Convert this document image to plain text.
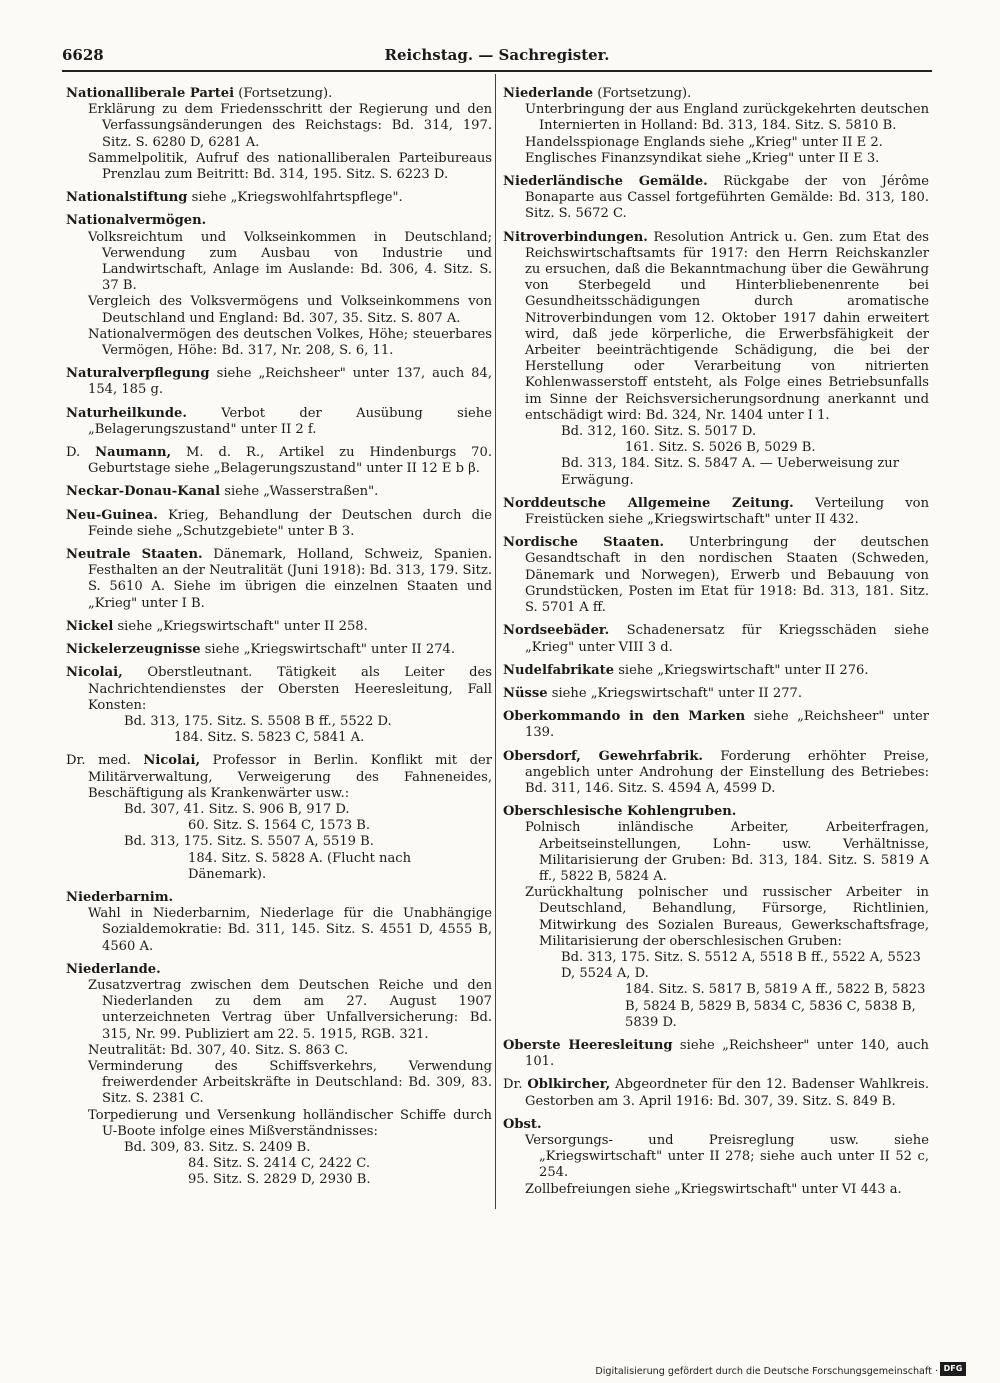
6628	Reichstag. — Sachregister.

Nationalliberale Partei (Fortsetzung).

Erklärung zu dem Friedensschritt der Regierung und den Verfassungsänderungen des Reichstags: Bd. 314, 197. Sitz. S. 6280 D, 6281 A.

Sammelpolitik, Aufruf des nationalliberalen Parteibureaus Prenzlau zum Beitritt: Bd. 314, 195. Sitz. S. 6223 D.

Nationalstiftung siehe „Kriegswohlfahrtspflege".

Nationalvermögen.

Volksreichtum und Volkseinkommen in Deutschland; Verwendung zum Ausbau von Industrie und Landwirtschaft, Anlage im Auslande: Bd. 306, 4. Sitz. S. 37 B.

Vergleich des Volksvermögens und Volkseinkommens von Deutschland und England: Bd. 307, 35. Sitz. S. 807 A.

Nationalvermögen des deutschen Volkes, Höhe; steuerbares Vermögen, Höhe: Bd. 317, Nr. 208, S. 6, 11.

Naturalverpflegung siehe „Reichsheer" unter 137, auch 84, 154, 185 g.

Naturheilkunde. Verbot der Ausübung siehe „Belagerungszustand" unter II 2 f.

D. Naumann, M. d. R., Artikel zu Hindenburgs 70. Geburtstage siehe „Belagerungszustand" unter II 12 E b β.

Neckar-Donau-Kanal siehe „Wasserstraßen".

Neu-Guinea. Krieg, Behandlung der Deutschen durch die Feinde siehe „Schutzgebiete" unter B 3.

Neutrale Staaten. Dänemark, Holland, Schweiz, Spanien. Festhalten an der Neutralität (Juni 1918): Bd. 313, 179. Sitz. S. 5610 A. Siehe im übrigen die einzelnen Staaten und „Krieg" unter I B.

Nickel siehe „Kriegswirtschaft" unter II 258.

Nickelerzeugnisse siehe „Kriegswirtschaft" unter II 274.

Nicolai, Oberstleutnant. Tätigkeit als Leiter des Nachrichtendienstes der Obersten Heeresleitung, Fall Konsten:

Bd. 313, 175. Sitz. S. 5508 B ff., 5522 D.

184. Sitz. S. 5823 C, 5841 A.

Dr. med. Nicolai, Professor in Berlin. Konflikt mit der Militärverwaltung, Verweigerung des Fahneneides, Beschäftigung als Krankenwärter usw.:

Bd. 307, 41. Sitz. S. 906 B, 917 D.

60. Sitz. S. 1564 C, 1573 B.

Bd. 313, 175. Sitz. S. 5507 A, 5519 B.

184. Sitz. S. 5828 A. (Flucht nach Dänemark).

Niederbarnim.

Wahl in Niederbarnim, Niederlage für die Unabhängige Sozialdemokratie: Bd. 311, 145. Sitz. S. 4551 D, 4555 B, 4560 A.

Niederlande.

Zusatzvertrag zwischen dem Deutschen Reiche und den Niederlanden zu dem am 27. August 1907 unterzeichneten Vertrag über Unfallversicherung: Bd. 315, Nr. 99. Publiziert am 22. 5. 1915, RGB. 321.

Neutralität: Bd. 307, 40. Sitz. S. 863 C.

Verminderung des Schiffsverkehrs, Verwendung freiwerdender Arbeitskräfte in Deutschland: Bd. 309, 83. Sitz. S. 2381 C.

Torpedierung und Versenkung holländischer Schiffe durch U-Boote infolge eines Mißverständnisses:

Bd. 309, 83. Sitz. S. 2409 B.

84. Sitz. S. 2414 C, 2422 C.

95. Sitz. S. 2829 D, 2930 B.

Niederlande (Fortsetzung).

Unterbringung der aus England zurückgekehrten deutschen Internierten in Holland: Bd. 313, 184. Sitz. S. 5810 B.

Handelsspionage Englands siehe „Krieg" unter II E 2.

Englisches Finanzsyndikat siehe „Krieg" unter II E 3.

Niederländische Gemälde. Rückgabe der von Jérôme Bonaparte aus Cassel fortgeführten Gemälde: Bd. 313, 180. Sitz. S. 5672 C.

Nitroverbindungen. Resolution Antrick u. Gen. zum Etat des Reichswirtschaftsamts für 1917: den Herrn Reichskanzler zu ersuchen, daß die Bekanntmachung über die Gewährung von Sterbegeld und Hinterbliebenenrente bei Gesundheitsschädigungen durch aromatische Nitroverbindungen vom 12. Oktober 1917 dahin erweitert wird, daß jede körperliche, die Erwerbsfähigkeit der Arbeiter beeinträchtigende Schädigung, die bei der Herstellung oder Verarbeitung von nitrierten Kohlenwasserstoff entsteht, als Folge eines Betriebsunfalls im Sinne der Reichsversicherungsordnung anerkannt und entschädigt wird: Bd. 324, Nr. 1404 unter I 1.

Bd. 312, 160. Sitz. S. 5017 D.

161. Sitz. S. 5026 B, 5029 B.

Bd. 313, 184. Sitz. S. 5847 A. — Ueberweisung zur Erwägung.

Norddeutsche Allgemeine Zeitung. Verteilung von Freistücken siehe „Kriegswirtschaft" unter II 432.

Nordische Staaten. Unterbringung der deutschen Gesandtschaft in den nordischen Staaten (Schweden, Dänemark und Norwegen), Erwerb und Bebauung von Grundstücken, Posten im Etat für 1918: Bd. 313, 181. Sitz. S. 5701 A ff.

Nordseebäder. Schadenersatz für Kriegsschäden siehe „Krieg" unter VIII 3 d.

Nudelfabrikate siehe „Kriegswirtschaft" unter II 276.

Nüsse siehe „Kriegswirtschaft" unter II 277.

Oberkommando in den Marken siehe „Reichsheer" unter 139.

Obersdorf, Gewehrfabrik. Forderung erhöhter Preise, angeblich unter Androhung der Einstellung des Betriebes: Bd. 311, 146. Sitz. S. 4594 A, 4599 D.

Oberschlesische Kohlengruben.

Polnisch inländische Arbeiter, Arbeiterfragen, Arbeitseinstellungen, Lohn- usw. Verhältnisse, Militarisierung der Gruben: Bd. 313, 184. Sitz. S. 5819 A ff., 5822 B, 5824 A.

Zurückhaltung polnischer und russischer Arbeiter in Deutschland, Behandlung, Fürsorge, Richtlinien, Mitwirkung des Sozialen Bureaus, Gewerkschaftsfrage, Militarisierung der oberschlesischen Gruben:

Bd. 313, 175. Sitz. S. 5512 A, 5518 B ff., 5522 A, 5523 D, 5524 A, D.

184. Sitz. S. 5817 B, 5819 A ff., 5822 B, 5823 B, 5824 B, 5829 B, 5834 C, 5836 C, 5838 B, 5839 D.

Oberste Heeresleitung siehe „Reichsheer" unter 140, auch 101.

Dr. Oblkircher, Abgeordneter für den 12. Badenser Wahlkreis. Gestorben am 3. April 1916: Bd. 307, 39. Sitz. S. 849 B.

Obst.

Versorgungs- und Preisreglung usw. siehe „Kriegswirtschaft" unter II 278; siehe auch unter II 52 c, 254.

Zollbefreiungen siehe „Kriegswirtschaft" unter VI 443 a.

Digitalisierung gefördert durch die Deutsche Forschungsgemeinschaft · DFG
